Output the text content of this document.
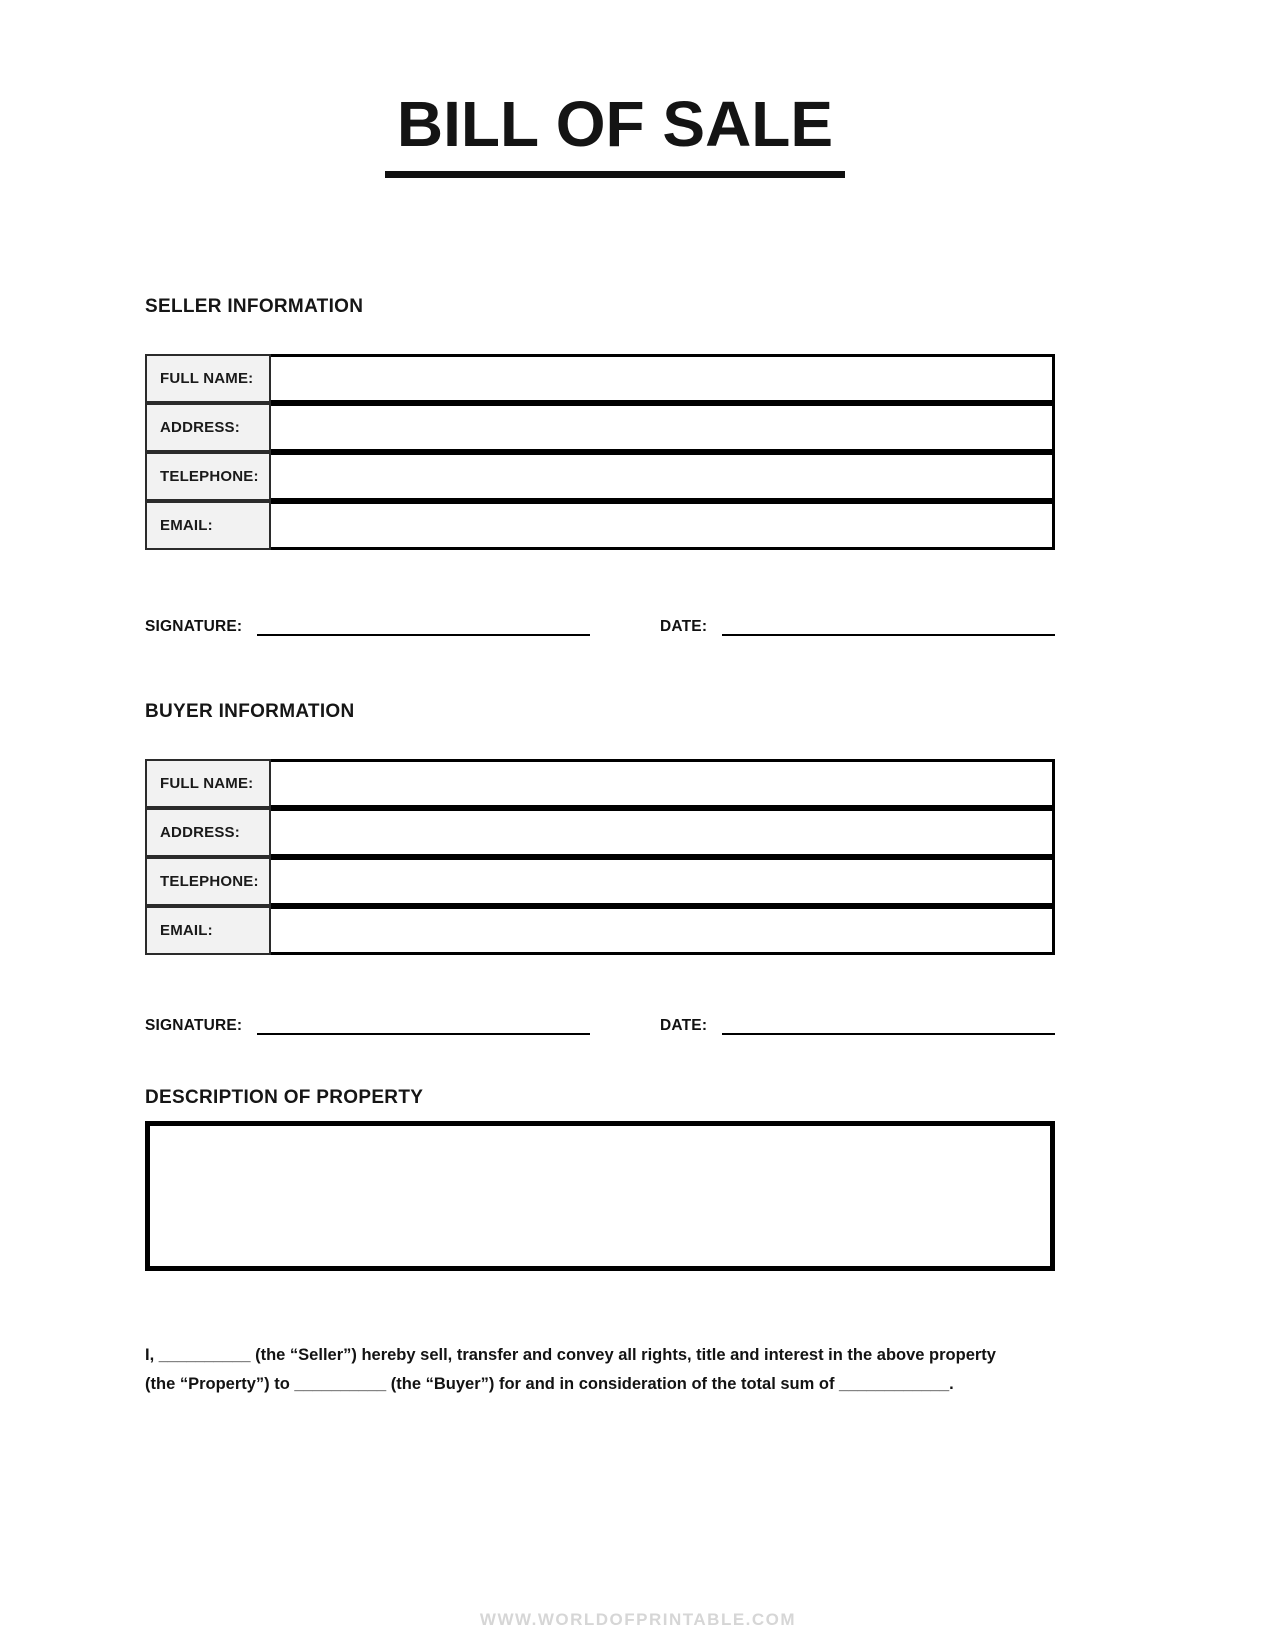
BILL OF SALE
SELLER INFORMATION
FULL NAME:
ADDRESS:
TELEPHONE:
EMAIL:
SIGNATURE:	DATE:
BUYER INFORMATION
FULL NAME:
ADDRESS:
TELEPHONE:
EMAIL:
SIGNATURE:	DATE:
DESCRIPTION OF PROPERTY

I, __________ (the “Seller”) hereby sell, transfer and convey all rights, title and interest in the above property
(the “Property”) to __________ (the “Buyer”) for and in consideration of the total sum of ____________.

WWW.WORLDOFPRINTABLE.COM
